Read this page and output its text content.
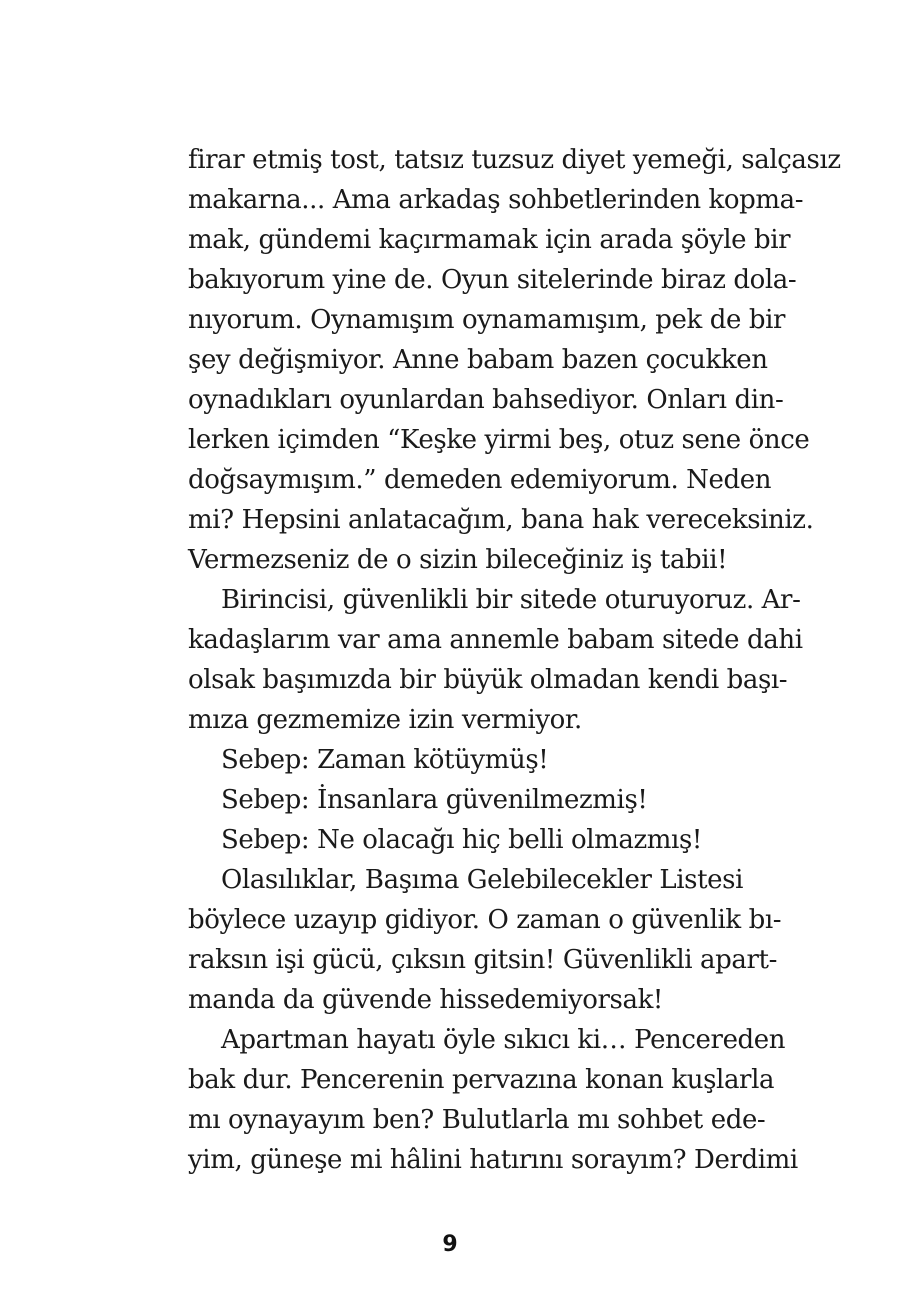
firar etmiş tost, tatsız tuzsuz diyet yemeği, salçasız
makarna... Ama arkadaş sohbetlerinden kopma-
mak, gündemi kaçırmamak için arada şöyle bir
bakıyorum yine de. Oyun sitelerinde biraz dola-
nıyorum. Oynamışım oynamamışım, pek de bir
şey değişmiyor. Anne babam bazen çocukken
oynadıkları oyunlardan bahsediyor. Onları din-
lerken içimden “Keşke yirmi beş, otuz sene önce
doğsaymışım.” demeden edemiyorum. Neden
mi? Hepsini anlatacağım, bana hak vereceksiniz.
Vermezseniz de o sizin bileceğiniz iş tabii!
Birincisi, güvenlikli bir sitede oturuyoruz. Ar-
kadaşlarım var ama annemle babam sitede dahi
olsak başımızda bir büyük olmadan kendi başı-
mıza gezmemize izin vermiyor.
Sebep: Zaman kötüymüş!
Sebep: İnsanlara güvenilmezmiş!
Sebep: Ne olacağı hiç belli olmazmış!
Olasılıklar, Başıma Gelebilecekler Listesi
böylece uzayıp gidiyor. O zaman o güvenlik bı-
raksın işi gücü, çıksın gitsin! Güvenlikli apart-
manda da güvende hissedemiyorsak!
Apartman hayatı öyle sıkıcı ki… Pencereden
bak dur. Pencerenin pervazına konan kuşlarla
mı oynayayım ben? Bulutlarla mı sohbet ede-
yim, güneşe mi hâlini hatırını sorayım? Derdimi
9
